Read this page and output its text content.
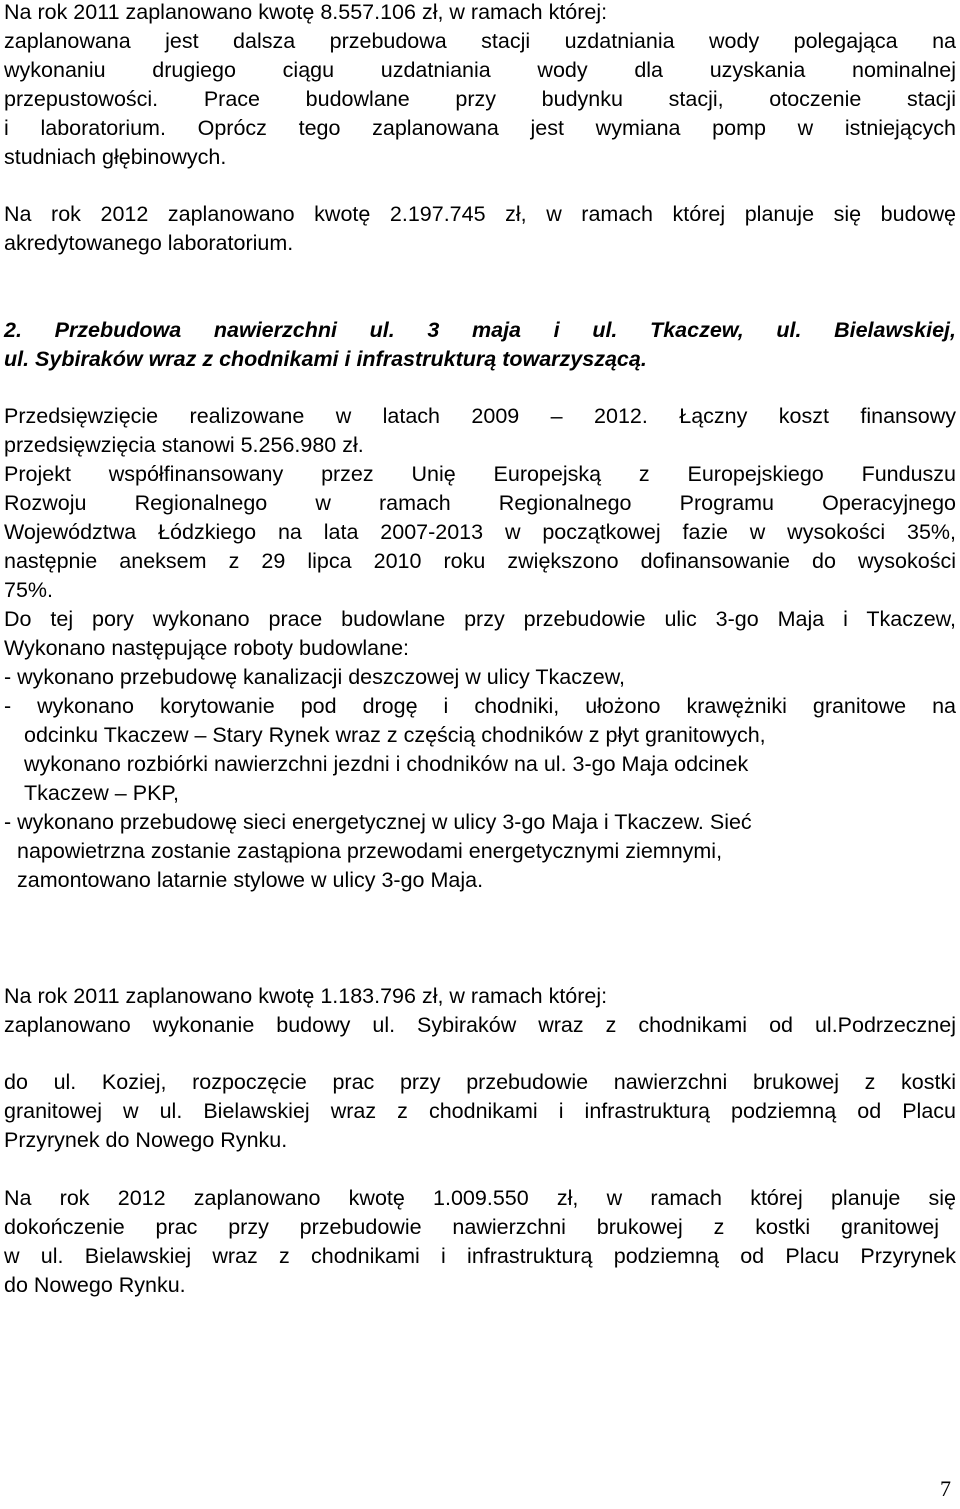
Na rok 2011 zaplanowano kwotę 8.557.106 zł, w ramach której:
zaplanowana jest dalsza przebudowa stacji uzdatniania wody polegająca na
wykonaniu drugiego ciągu uzdatniania wody dla uzyskania nominalnej
przepustowości. Prace budowlane przy budynku stacji, otoczenie stacji
i laboratorium. Oprócz tego zaplanowana jest wymiana pomp w istniejących
studniach głębinowych.
Na rok 2012 zaplanowano kwotę 2.197.745 zł, w ramach której planuje się budowę
akredytowanego laboratorium.
2. Przebudowa nawierzchni ul. 3 maja i ul. Tkaczew, ul. Bielawskiej,
ul. Sybiraków wraz z chodnikami i infrastrukturą towarzyszącą.
Przedsięwzięcie realizowane w latach 2009 – 2012. Łączny koszt finansowy
przedsięwzięcia stanowi 5.256.980 zł.
Projekt współfinansowany przez Unię Europejską z Europejskiego Funduszu
Rozwoju Regionalnego w ramach Regionalnego Programu Operacyjnego
Województwa Łódzkiego na lata 2007-2013 w początkowej fazie w wysokości 35%,
następnie aneksem z 29 lipca 2010 roku zwiększono dofinansowanie do wysokości
75%.
Do tej pory wykonano prace budowlane przy przebudowie ulic 3-go Maja i Tkaczew,
Wykonano następujące roboty budowlane:
- wykonano przebudowę kanalizacji deszczowej w ulicy Tkaczew,
- wykonano korytowanie pod drogę i chodniki, ułożono krawężniki granitowe na
odcinku Tkaczew – Stary Rynek wraz z częścią chodników z płyt granitowych,
wykonano rozbiórki nawierzchni jezdni i chodników na ul. 3-go Maja odcinek
Tkaczew – PKP,
- wykonano przebudowę sieci energetycznej w ulicy 3-go Maja i Tkaczew. Sieć
napowietrzna zostanie zastąpiona przewodami energetycznymi ziemnymi,
zamontowano latarnie stylowe w ulicy 3-go Maja.
Na rok 2011 zaplanowano kwotę 1.183.796 zł, w ramach której:
zaplanowano wykonanie budowy ul. Sybiraków wraz z chodnikami od ul.Podrzecznej
do ul. Koziej, rozpoczęcie prac przy przebudowie nawierzchni brukowej z kostki
granitowej w ul. Bielawskiej wraz z chodnikami i infrastrukturą podziemną od Placu
Przyrynek do Nowego Rynku.
Na rok 2012 zaplanowano kwotę 1.009.550 zł, w ramach której planuje się
dokończenie prac przy przebudowie nawierzchni brukowej z kostki granitowej
w ul. Bielawskiej wraz z chodnikami i infrastrukturą podziemną od Placu Przyrynek
do Nowego Rynku.
7
